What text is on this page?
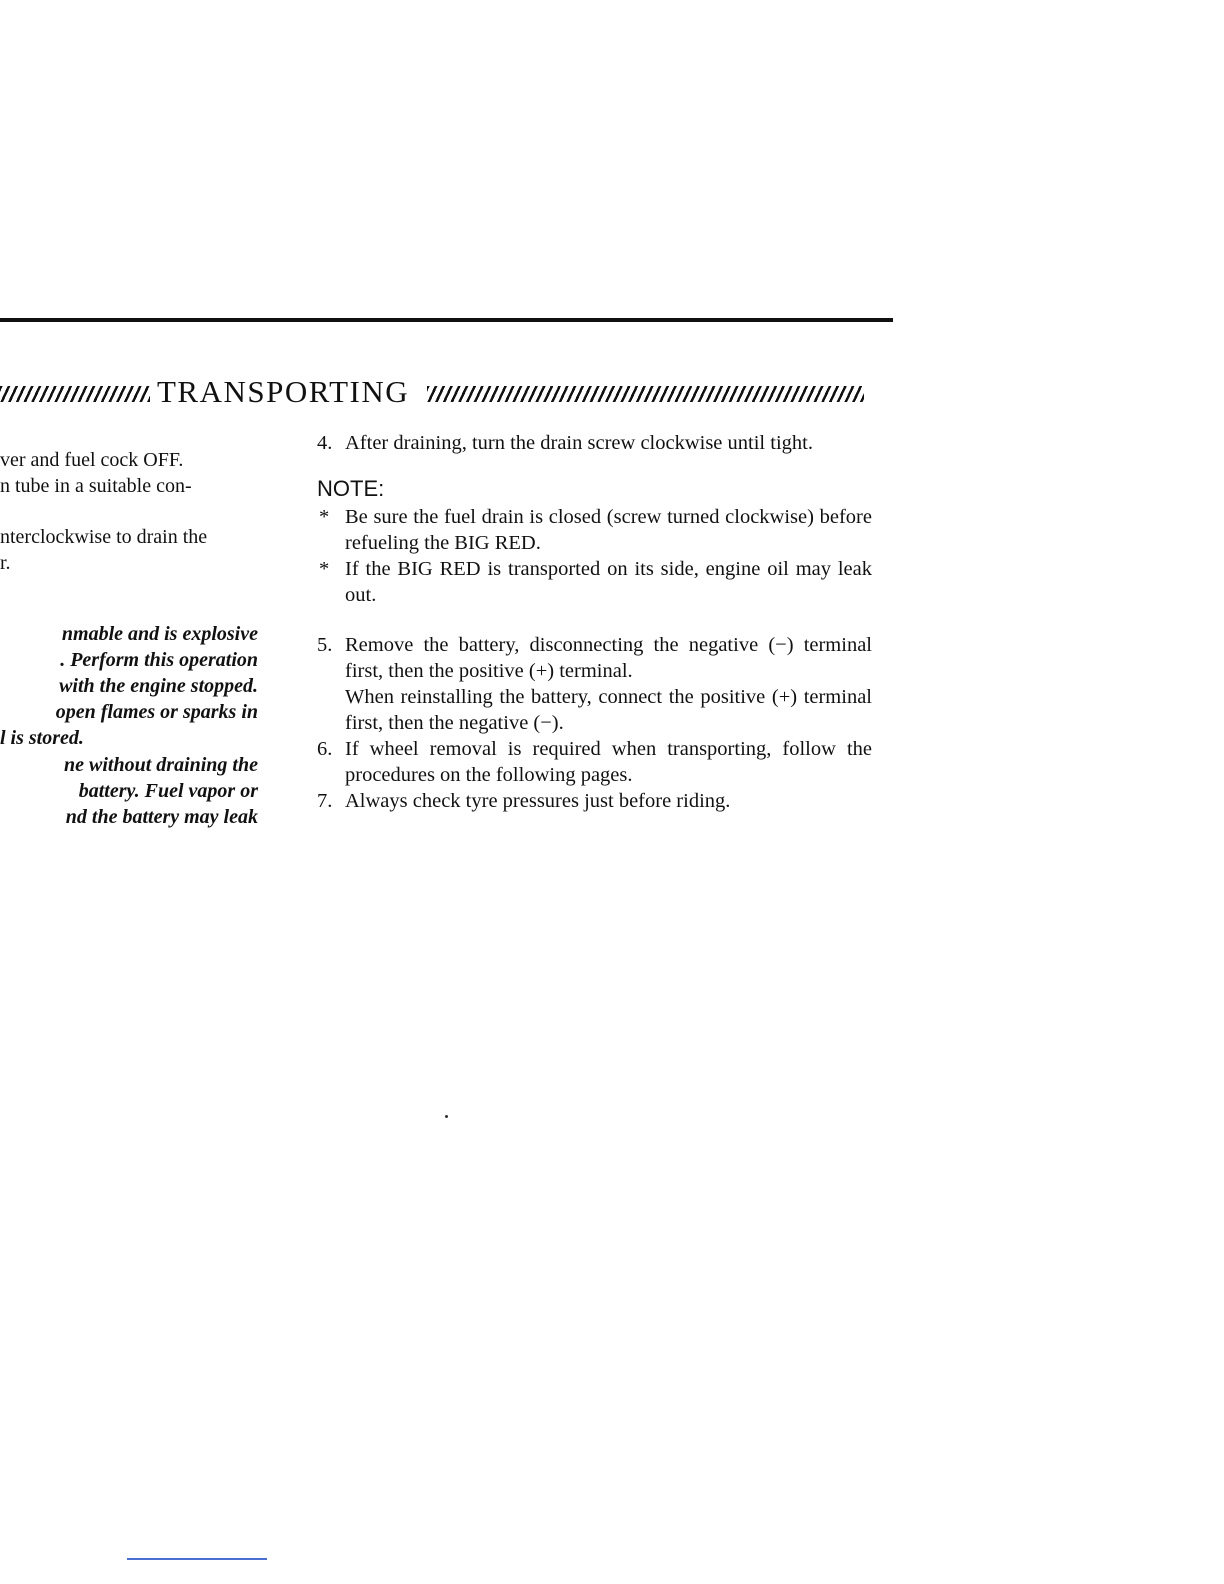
TRANSPORTING
ver and fuel cock OFF.
n tube in a suitable con-
nterclockwise to drain the
r.
nmable and is explosive
. Perform this operation
with the engine stopped.
open flames or sparks in
l is stored.
ne without draining the
battery. Fuel vapor or
nd the battery may leak
4. After draining, turn the drain screw clockwise until tight.
NOTE:
* Be sure the fuel drain is closed (screw turned clockwise) before refueling the BIG RED.
* If the BIG RED is transported on its side, engine oil may leak out.
5. Remove the battery, disconnecting the negative (−) terminal first, then the positive (+) terminal.
When reinstalling the battery, connect the positive (+) terminal first, then the negative (−).
6. If wheel removal is required when transporting, follow the procedures on the following pages.
7. Always check tyre pressures just before riding.
